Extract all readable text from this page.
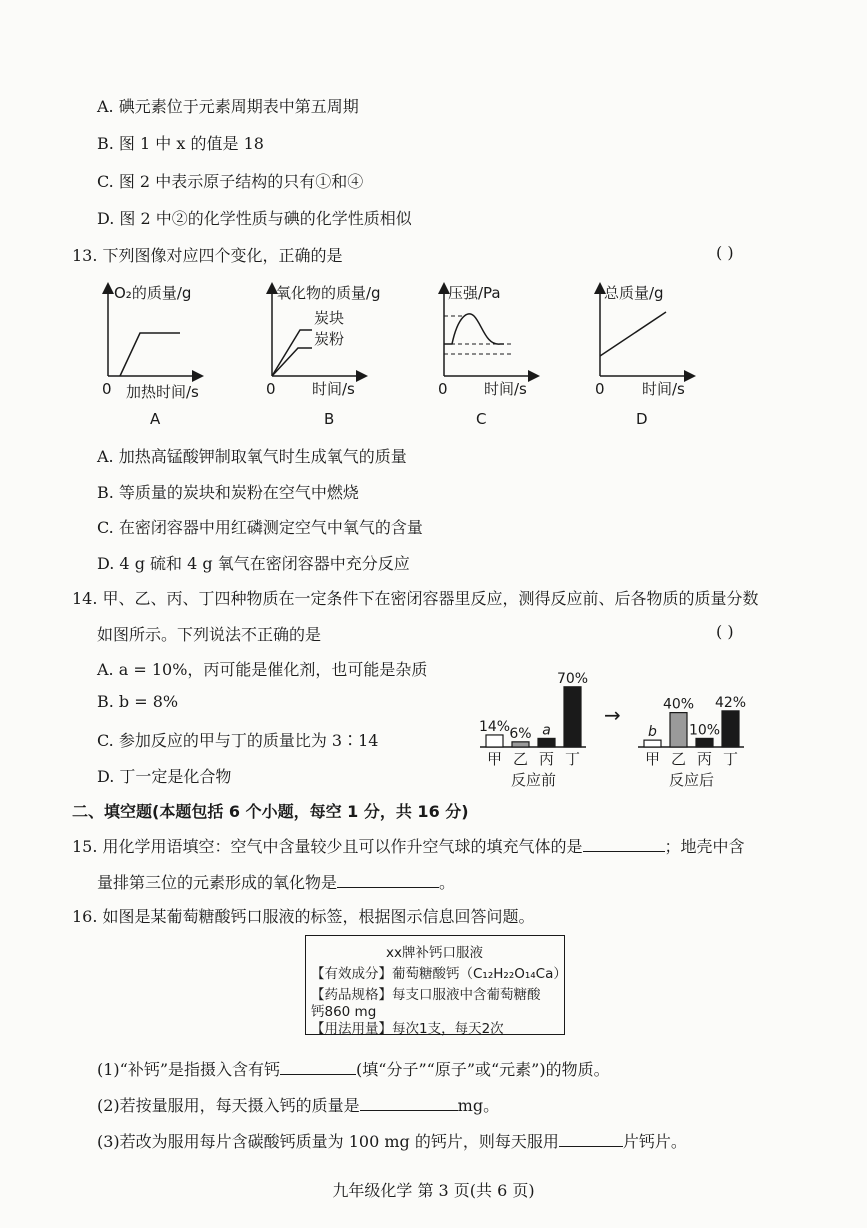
A. 碘元素位于元素周期表中第五周期
B. 图 1 中 x 的值是 18
C. 图 2 中表示原子结构的只有①和④
D. 图 2 中②的化学性质与碘的化学性质相似
13. 下列图像对应四个变化，正确的是	( )
O₂的质量/g
0 加热时间/s
A
氧化物的质量/g
炭块
炭粉
0 时间/s
B
压强/Pa
0 时间/s
C
总质量/g
0 时间/s
D
A. 加热高锰酸钾制取氧气时生成氧气的质量
B. 等质量的炭块和炭粉在空气中燃烧
C. 在密闭容器中用红磷测定空气中氧气的含量
D. 4 g 硫和 4 g 氧气在密闭容器中充分反应
14. 甲、乙、丙、丁四种物质在一定条件下在密闭容器里反应，测得反应前、后各物质的质量分数
如图所示。下列说法不正确的是	( )
A. a = 10%，丙可能是催化剂，也可能是杂质
B. b = 8%
C. 参加反应的甲与丁的质量比为 3∶14
D. 丁一定是化合物
→
14%
甲
6%
乙
a
丙
70%
丁
反应前
b
甲
40%
乙
10%
丙
42%
丁
反应后
二、填空题(本题包括 6 个小题，每空 1 分，共 16 分)
15. 用化学用语填空：空气中含量较少且可以作升空气球的填充气体的是	；地壳中含
量排第三位的元素形成的氧化物是	。
16. 如图是某葡萄糖酸钙口服液的标签，根据图示信息回答问题。
xx牌补钙口服液
【有效成分】葡萄糖酸钙（C₁₂H₂₂O₁₄Ca）
【药品规格】每支口服液中含葡萄糖酸
钙860 mg
【用法用量】每次1支，每天2次
(1)“补钙”是指摄入含有钙	(填“分子”“原子”或“元素”)的物质。
(2)若按量服用，每天摄入钙的质量是	mg。
(3)若改为服用每片含碳酸钙质量为 100 mg 的钙片，则每天服用	片钙片。
九年级化学 第 3 页(共 6 页)
